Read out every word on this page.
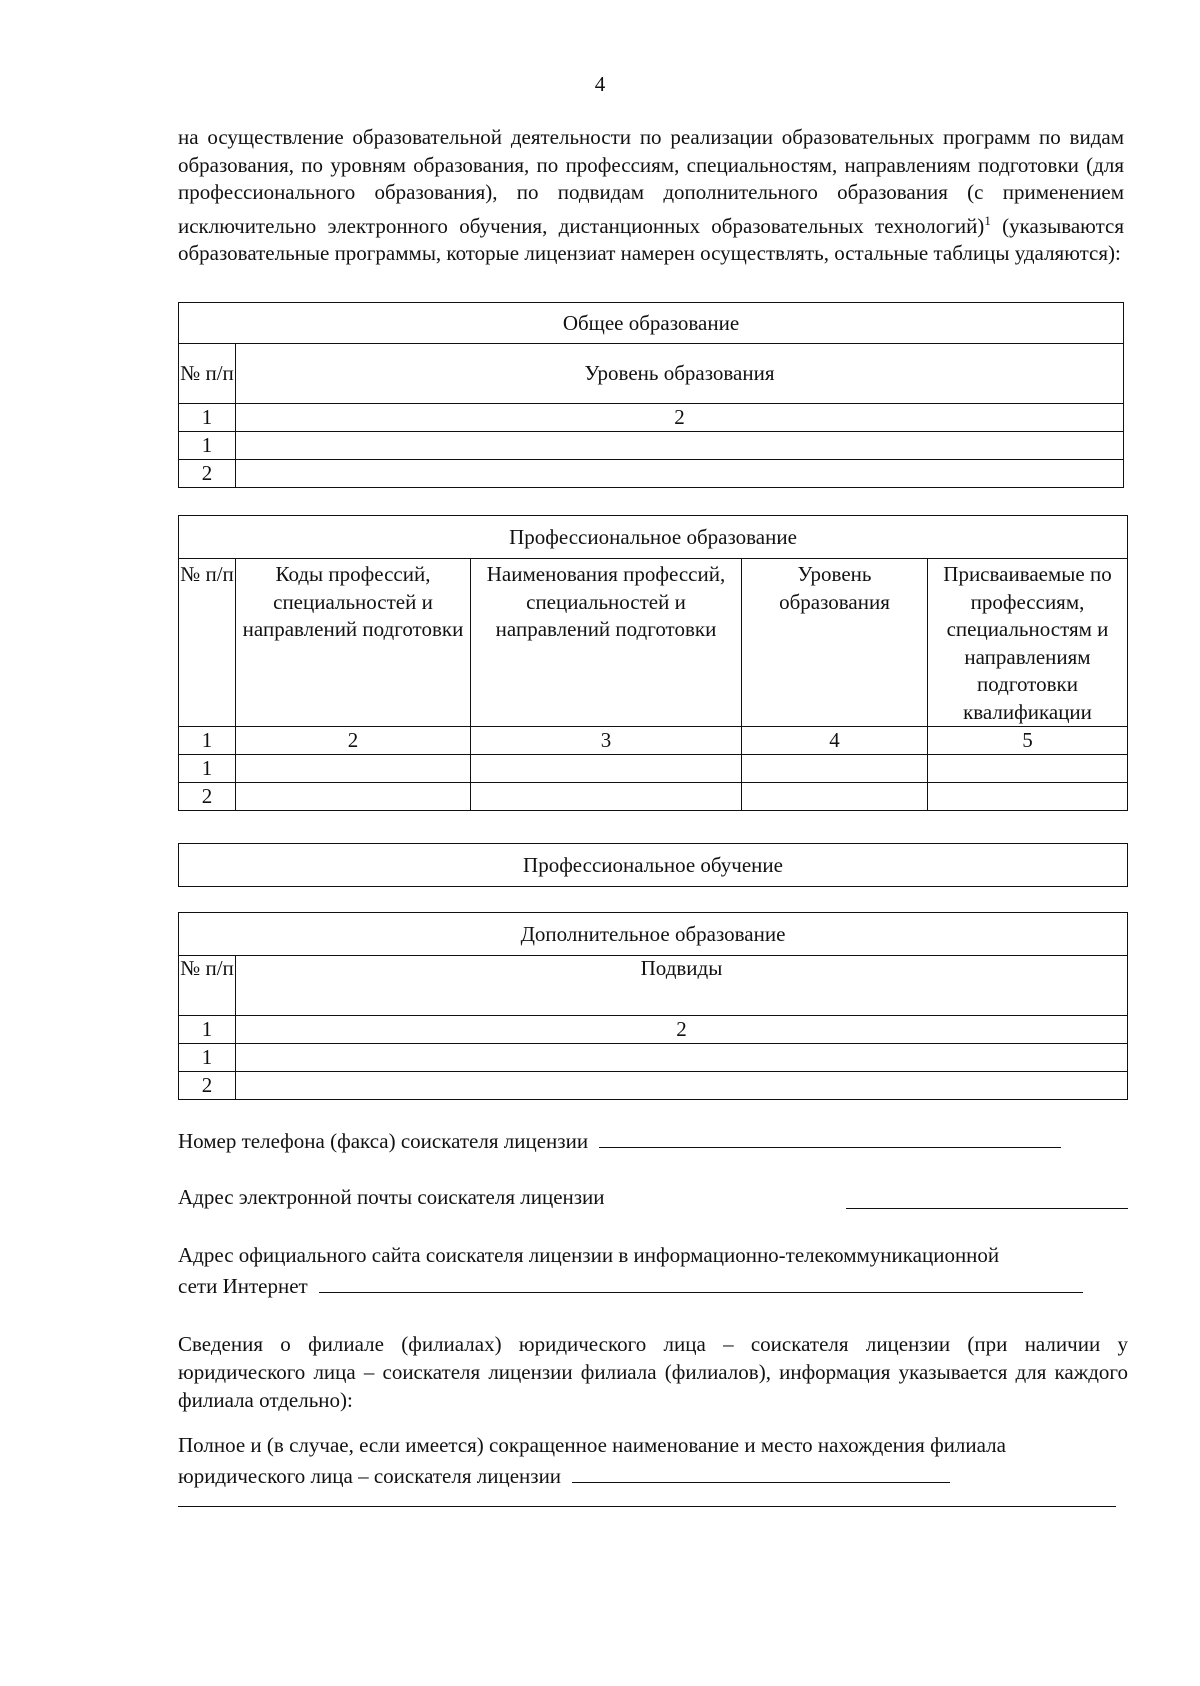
4
на осуществление образовательной деятельности по реализации образовательных программ по видам образования, по уровням образования, по профессиям, специальностям, направлениям подготовки (для профессионального образования), по подвидам дополнительного образования (с применением исключительно электронного обучения, дистанционных образовательных технологий)$^1$ (указываются образовательные программы, которые лицензиат намерен осуществлять, остальные таблицы удаляются):
Общее образование	
№ п/п	Уровень образования
1	2
1	
2	
Профессиональное образование				
№ п/п	Коды профессий, специальностей и направлений подготовки	Наименования профессий, специальностей и направлений подготовки	Уровень образования	Присваиваемые по профессиям, специальностям и направлениям подготовки квалификации
1	2	3	4	5
1				
2				
Профессиональное обучение
Дополнительное образование	
№ п/п	Подвиды
1	2
1	
2	
Номер телефона (факса) соискателя лицензии
Адрес электронной почты соискателя лицензии
Адрес официального сайта соискателя лицензии в информационно-телекоммуникационной
сети Интернет
Сведения о филиале (филиалах) юридического лица – соискателя лицензии (при наличии у юридического лица – соискателя лицензии филиала (филиалов), информация указывается для каждого филиала отдельно):
Полное и (в случае, если имеется) сокращенное наименование и место нахождения филиала
юридического лица – соискателя лицензии
